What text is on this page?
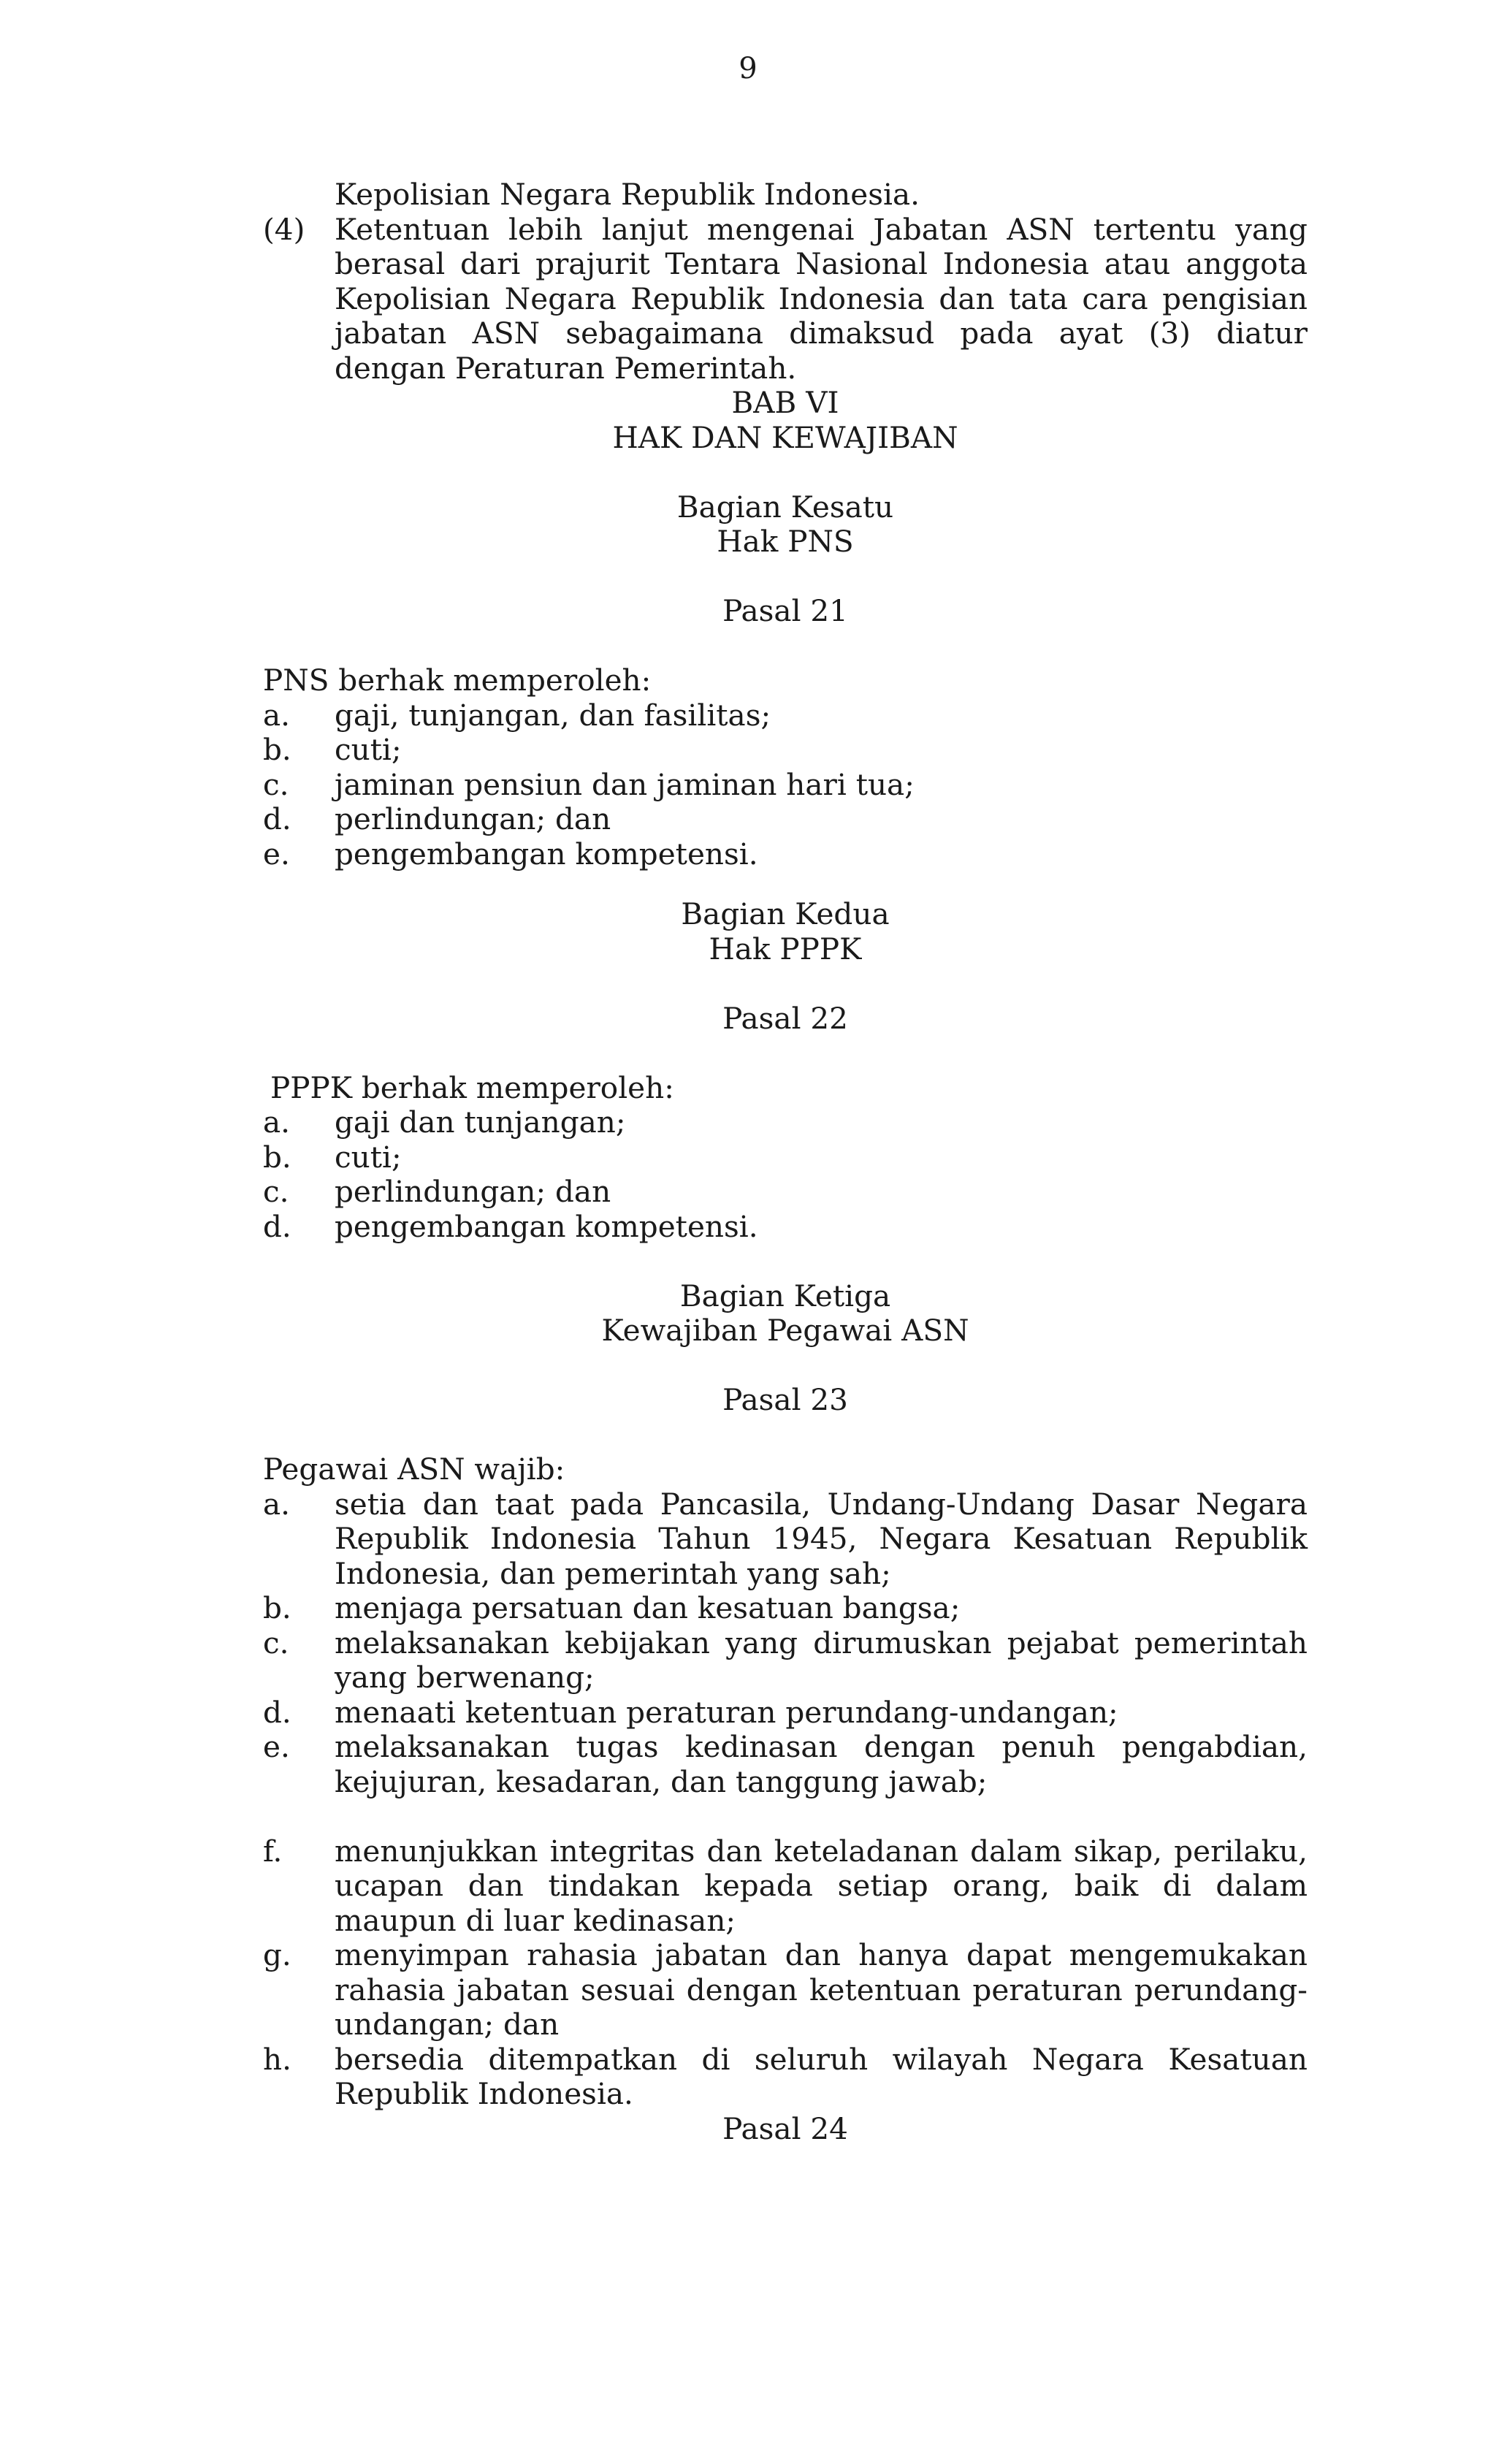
9

Kepolisian Negara Republik Indonesia.

(4)	Ketentuan lebih lanjut mengenai Jabatan ASN tertentu yang berasal dari prajurit Tentara Nasional Indonesia atau anggota Kepolisian Negara Republik Indonesia dan tata cara pengisian jabatan ASN sebagaimana dimaksud pada ayat (3) diatur dengan Peraturan Pemerintah.

BAB VI

HAK DAN KEWAJIBAN

Bagian Kesatu

Hak PNS

Pasal 21

PNS berhak memperoleh:

a.	gaji, tunjangan, dan fasilitas;
b.	cuti;
c.	jaminan pensiun dan jaminan hari tua;
d.	perlindungan; dan
e.	pengembangan kompetensi.

Bagian Kedua

Hak PPPK

Pasal 22

PPPK berhak memperoleh:

a.	gaji dan tunjangan;
b.	cuti;
c.	perlindungan; dan
d.	pengembangan kompetensi.

Bagian Ketiga

Kewajiban Pegawai ASN

Pasal 23

Pegawai ASN wajib:

a.	setia dan taat pada Pancasila, Undang-Undang Dasar Negara Republik Indonesia Tahun 1945, Negara Kesatuan Republik Indonesia, dan pemerintah yang sah;
b.	menjaga persatuan dan kesatuan bangsa;
c.	melaksanakan kebijakan yang dirumuskan pejabat pemerintah yang berwenang;
d.	menaati ketentuan peraturan perundang-undangan;
e.	melaksanakan tugas kedinasan dengan penuh pengabdian, kejujuran, kesadaran, dan tanggung jawab;
f.	menunjukkan integritas dan keteladanan dalam sikap, perilaku, ucapan dan tindakan kepada setiap orang, baik di dalam maupun di luar kedinasan;
g.	menyimpan rahasia jabatan dan hanya dapat mengemukakan rahasia jabatan sesuai dengan ketentuan peraturan perundang-undangan; dan
h.	bersedia ditempatkan di seluruh wilayah Negara Kesatuan Republik Indonesia.

Pasal 24
